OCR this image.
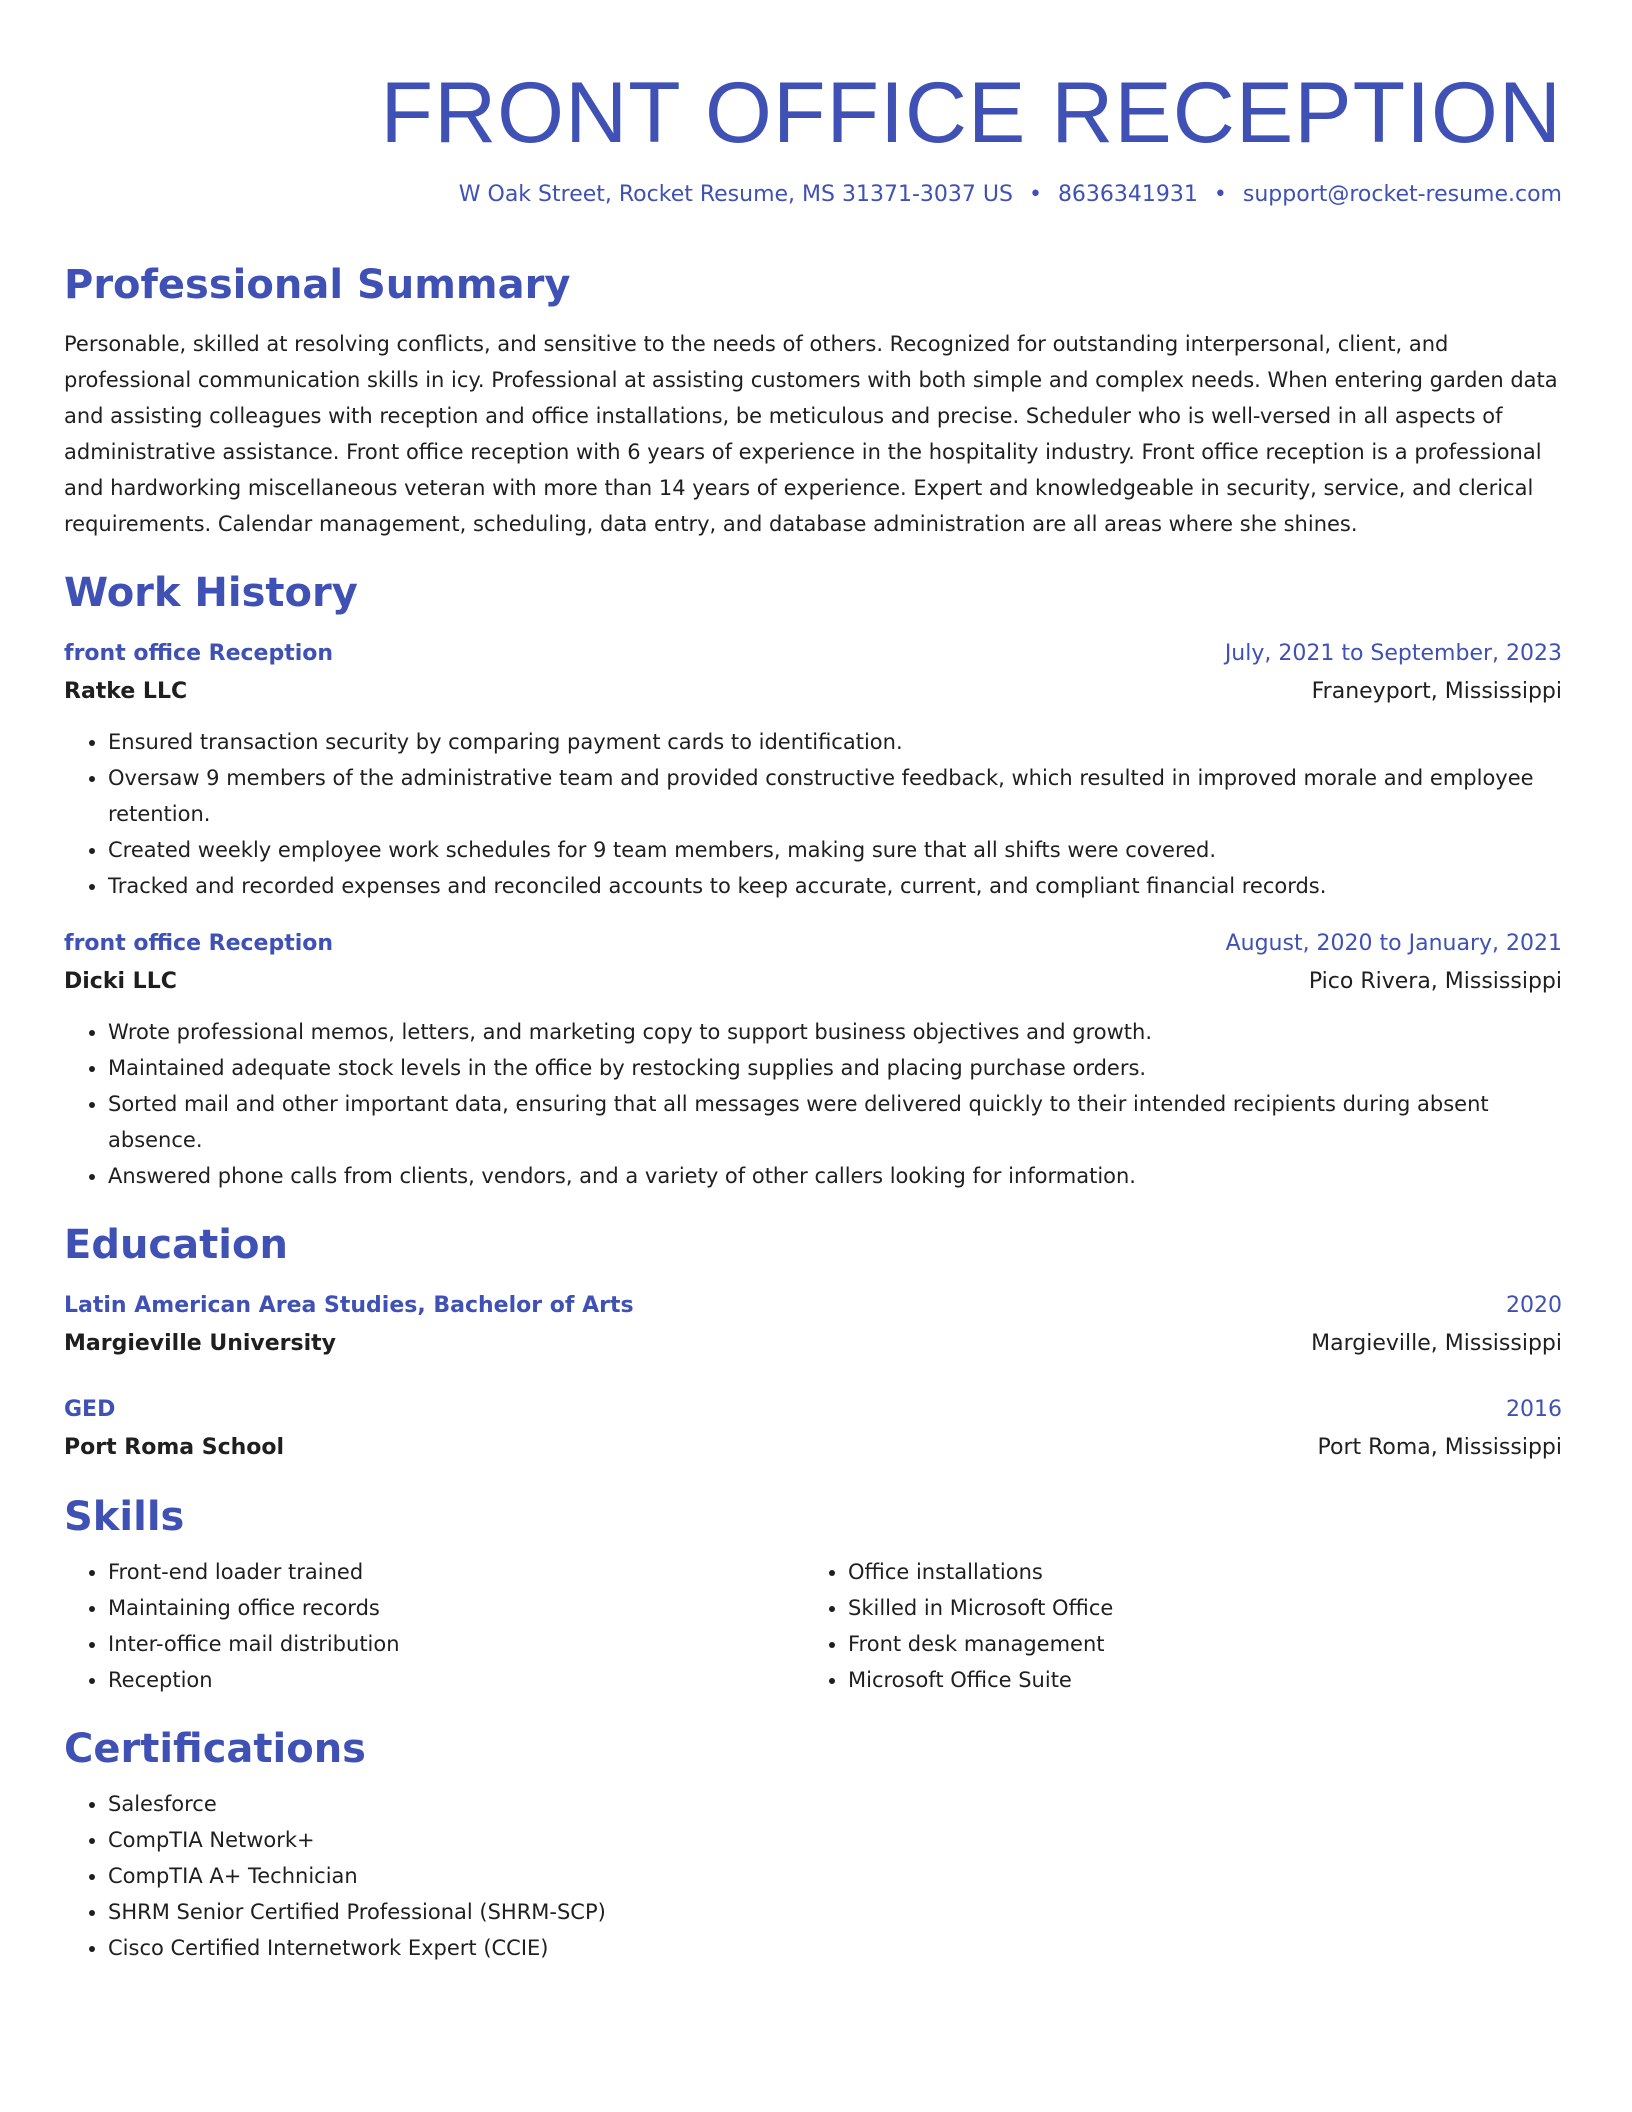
FRONT OFFICE RECEPTION
W Oak Street, Rocket Resume, MS 31371-3037 US • 8636341931 • support@rocket-resume.com
Professional Summary

Personable, skilled at resolving conflicts, and sensitive to the needs of others. Recognized for outstanding interpersonal, client, and professional communication skills in icy. Professional at assisting customers with both simple and complex needs. When entering garden data and assisting colleagues with reception and office installations, be meticulous and precise. Scheduler who is well-versed in all aspects of administrative assistance. Front office reception with 6 years of experience in the hospitality industry. Front office reception is a professional and hardworking miscellaneous veteran with more than 14 years of experience. Expert and knowledgeable in security, service, and clerical requirements. Calendar management, scheduling, data entry, and database administration are all areas where she shines.

Work History
front office Reception	July, 2021 to September, 2023
Ratke LLC	Franeyport, Mississippi
• Ensured transaction security by comparing payment cards to identification.
• Oversaw 9 members of the administrative team and provided constructive feedback, which resulted in improved morale and employee retention.
• Created weekly employee work schedules for 9 team members, making sure that all shifts were covered.
• Tracked and recorded expenses and reconciled accounts to keep accurate, current, and compliant financial records.
front office Reception	August, 2020 to January, 2021
Dicki LLC	Pico Rivera, Mississippi
• Wrote professional memos, letters, and marketing copy to support business objectives and growth.
• Maintained adequate stock levels in the office by restocking supplies and placing purchase orders.
• Sorted mail and other important data, ensuring that all messages were delivered quickly to their intended recipients during absent absence.
• Answered phone calls from clients, vendors, and a variety of other callers looking for information.
Education
Latin American Area Studies, Bachelor of Arts	2020
Margieville University	Margieville, Mississippi
GED	2016
Port Roma School	Port Roma, Mississippi
Skills
• Front-end loader trained
• Maintaining office records
• Inter-office mail distribution
• Reception
• Office installations
• Skilled in Microsoft Office
• Front desk management
• Microsoft Office Suite
Certifications
• Salesforce
• CompTIA Network+
• CompTIA A+ Technician
• SHRM Senior Certified Professional (SHRM-SCP)
• Cisco Certified Internetwork Expert (CCIE)
